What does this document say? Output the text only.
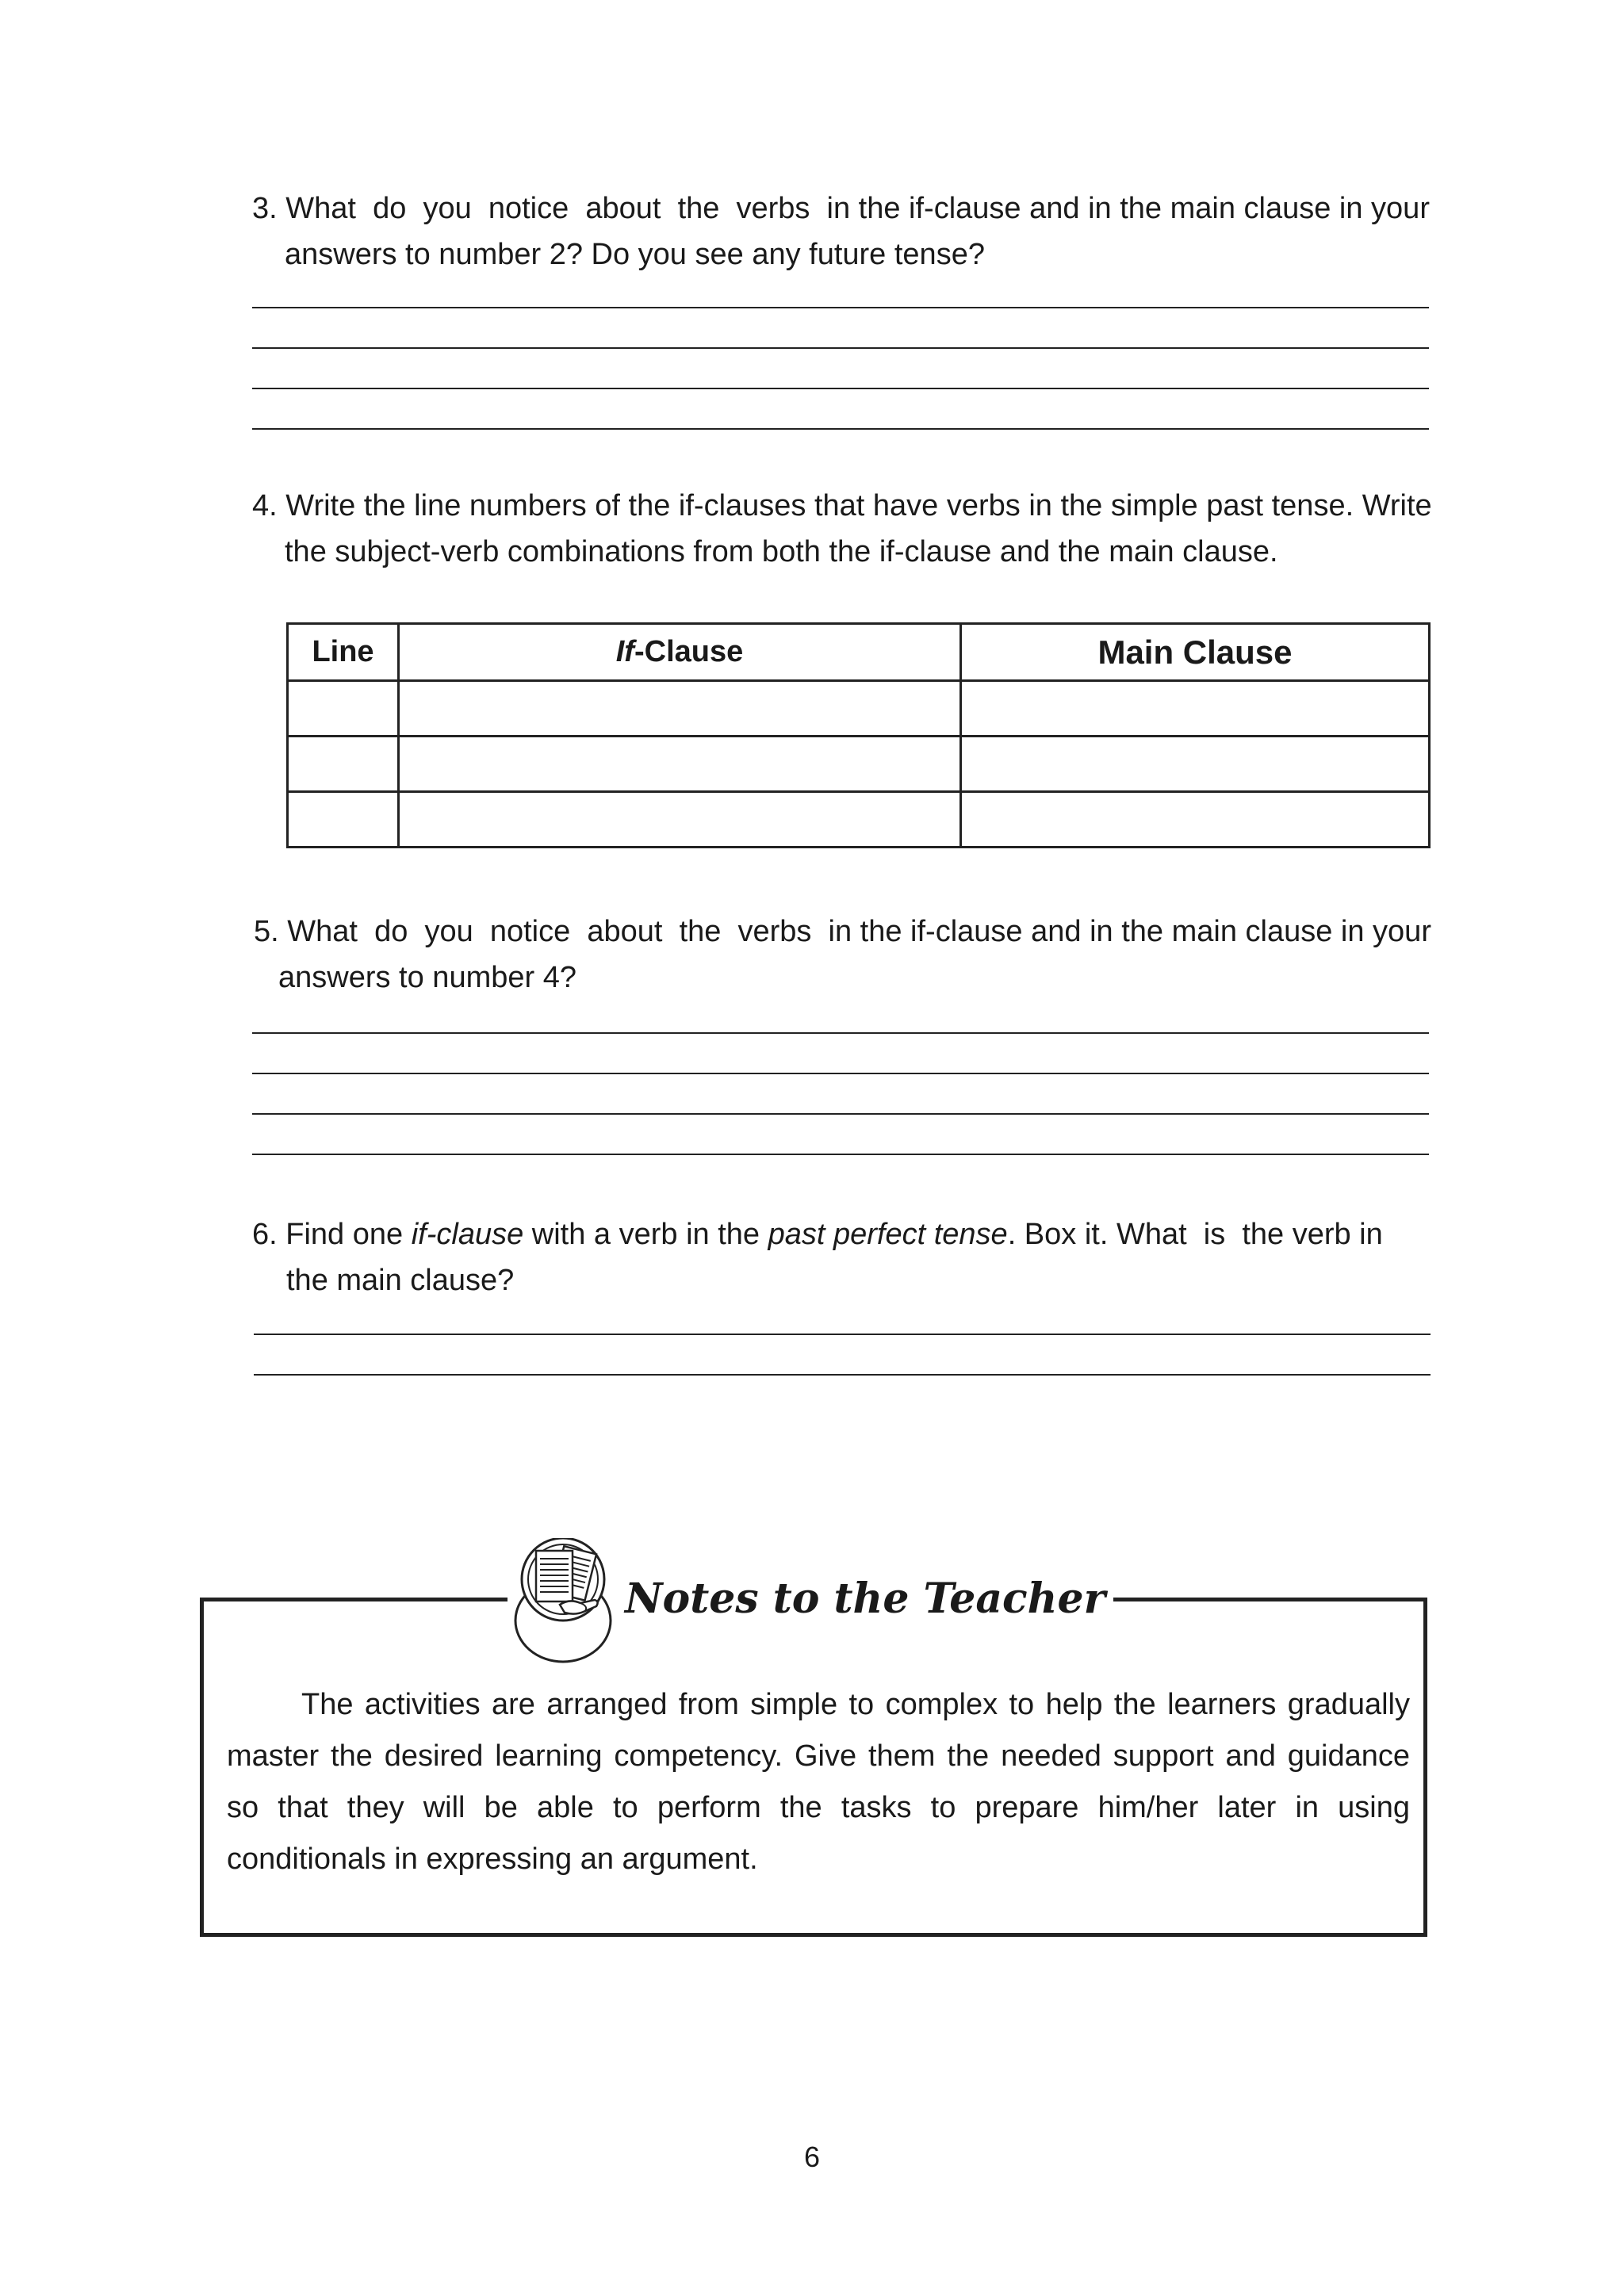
3. What  do  you  notice  about  the  verbs  in the if-clause and in the main clause in your
answers to number 2? Do you see any future tense?
4. Write the line numbers of the if-clauses that have verbs in the simple past tense. Write
the subject-verb combinations from both the if-clause and the main clause.
Line	If-Clause	Main Clause

5. What  do  you  notice  about  the  verbs  in the if-clause and in the main clause in your
answers to number 4?
6. Find one if-clause with a verb in the past perfect tense. Box it. What  is  the verb in
the main clause?
Notes to the Teacher
The activities are arranged from simple to complex to help the learners gradually master the desired learning competency. Give them the needed support and guidance so that they will be able to perform the tasks to prepare him/her later in using conditionals in expressing an argument.
6
